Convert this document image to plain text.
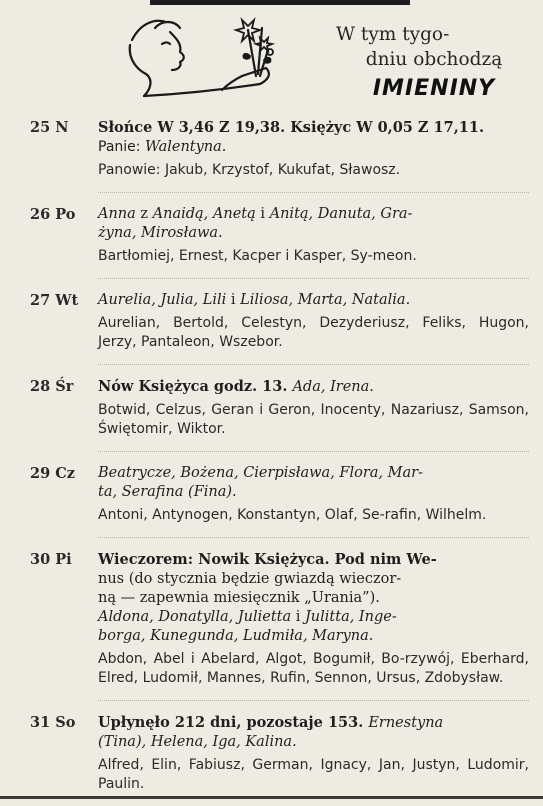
W tym tygo-
dniu obchodzą
IMIENINY
25 N Słońce W 3,46 Z 19,38. Księżyc W 0,05 Z 17,11.
Panie: Walentyna.
Panowie: Jakub, Krzystof, Kukufat, Sławosz.
26 Po Anna z Anaidą, Anetą i Anitą, Danuta, Gra-
żyna, Mirosława.
Bartłomiej, Ernest, Kacper i Kasper, Sy-meon.
27 Wt Aurelia, Julia, Lili i Liliosa, Marta, Natalia.
Aurelian, Bertold, Celestyn, Dezyderiusz, Feliks, Hugon, Jerzy, Pantaleon, Wszebor.
28 Śr Nów Księżyca godz. 13. Ada, Irena.
Botwid, Celzus, Geran i Geron, Inocenty, Nazariusz, Samson, Świętomir, Wiktor.
29 Cz Beatrycze, Bożena, Cierpisława, Flora, Mar-
ta, Serafina (Fina).
Antoni, Antynogen, Konstantyn, Olaf, Se-rafin, Wilhelm.
30 Pi Wieczorem: Nowik Księżyca. Pod nim We-
nus (do stycznia będzie gwiazdą wieczor-
ną — zapewnia miesięcznik „Urania”).
Aldona, Donatylla, Julietta i Julitta, Inge-
borga, Kunegunda, Ludmiła, Maryna.
Abdon, Abel i Abelard, Algot, Bogumił, Bo-rzywój, Eberhard, Elred, Ludomił, Mannes, Rufin, Sennon, Ursus, Zdobysław.
31 So Upłynęło 212 dni, pozostaje 153. Ernestyna
(Tina), Helena, Iga, Kalina.
Alfred, Elin, Fabiusz, German, Ignacy, Jan, Justyn, Ludomir, Paulin.
